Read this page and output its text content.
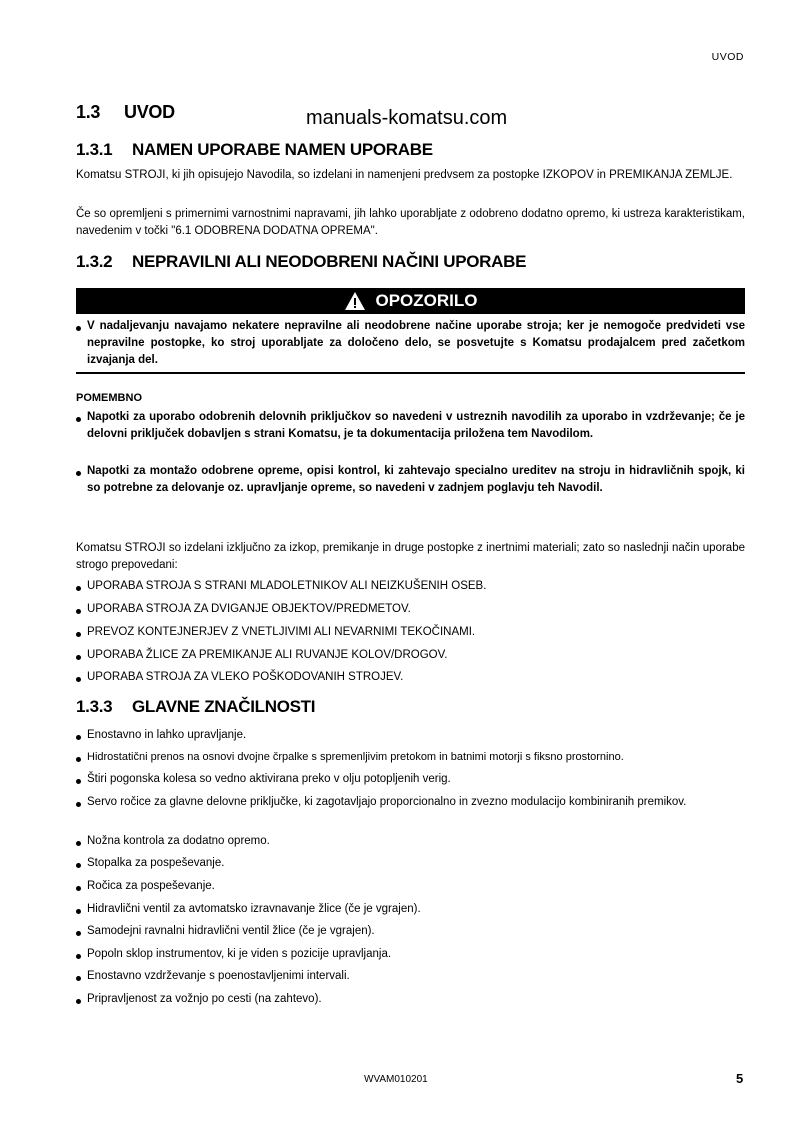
UVOD
manuals-komatsu.com
1.3 UVOD
1.3.1 NAMEN UPORABE NAMEN UPORABE
Komatsu STROJI, ki jih opisujejo Navodila, so izdelani in namenjeni predvsem za postopke IZKOPOV in PREMIKANJA ZEMLJE.
Če so opremljeni s primernimi varnostnimi napravami, jih lahko uporabljate z odobreno dodatno opremo, ki ustreza karakteristikam, navedenim v točki "6.1 ODOBRENA DODATNA OPREMA".
1.3.2 NEPRAVILNI ALI NEODOBRENI NAČINI UPORABE
OPOZORILO
V nadaljevanju navajamo nekatere nepravilne ali neodobrene načine uporabe stroja; ker je nemogoče predvideti vse nepravilne postopke, ko stroj uporabljate za določeno delo, se posvetujte s Komatsu prodajalcem pred začetkom izvajanja del.
POMEMBNO
Napotki za uporabo odobrenih delovnih priključkov so navedeni v ustreznih navodilih za uporabo in vzdrževanje; če je delovni priključek dobavljen s strani Komatsu, je ta dokumentacija priložena tem Navodilom.
Napotki za montažo odobrene opreme, opisi kontrol, ki zahtevajo specialno ureditev na stroju in hidravličnih spojk, ki so potrebne za delovanje oz. upravljanje opreme, so navedeni v zadnjem poglavju teh Navodil.
Komatsu STROJI so izdelani izključno za izkop, premikanje in druge postopke z inertnimi materiali; zato so naslednji način uporabe strogo prepovedani:
UPORABA STROJA S STRANI MLADOLETNIKOV ALI NEIZKUŠENIH OSEB.
UPORABA STROJA ZA DVIGANJE OBJEKTOV/PREDMETOV.
PREVOZ KONTEJNERJEV Z VNETLJIVIMI ALI NEVARNIMI TEKOČINAMI.
UPORABA ŽLICE ZA PREMIKANJE ALI RUVANJE KOLOV/DROGOV.
UPORABA STROJA ZA VLEKO POŠKODOVANIH STROJEV.
1.3.3 GLAVNE ZNAČILNOSTI
Enostavno in lahko upravljanje.
Hidrostatični prenos na osnovi dvojne črpalke s spremenljivim pretokom in batnimi motorji s fiksno prostornino.
Štiri pogonska kolesa so vedno aktivirana preko v olju potopljenih verig.
Servo ročice za glavne delovne priključke, ki zagotavljajo proporcionalno in zvezno modulacijo kombiniranih premikov.
Nožna kontrola za dodatno opremo.
Stopalka za pospeševanje.
Ročica za pospeševanje.
Hidravlični ventil za avtomatsko izravnavanje žlice (če je vgrajen).
Samodejni ravnalni hidravlični ventil žlice (če je vgrajen).
Popoln sklop instrumentov, ki je viden s pozicije upravljanja.
Enostavno vzdrževanje s poenostavljenimi intervali.
Pripravljenost za vožnjo po cesti (na zahtevo).
WVAM010201	5
